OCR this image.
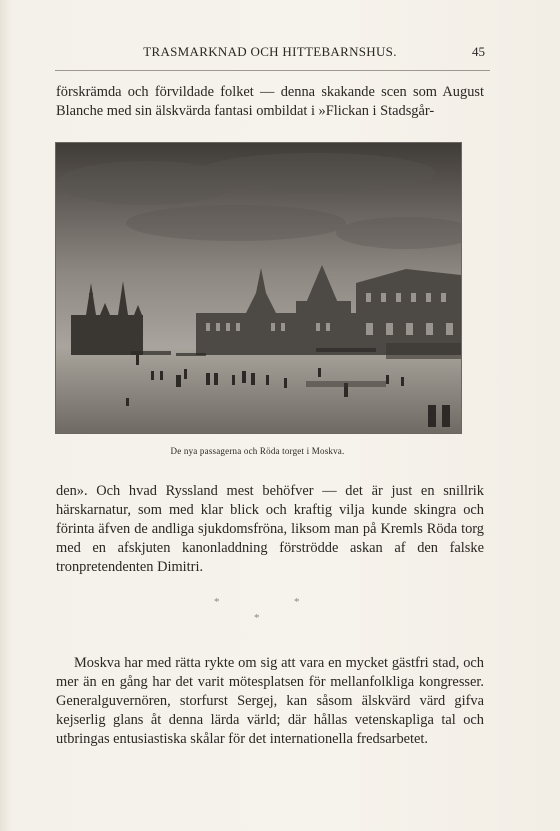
TRASMARKNAD OCH HITTEBARNSHUS.	45

förskrämda och förvildade folket — denna skakande scen som August Blanche med sin älskvärda fantasi ombildat i »Flickan i Stadsgår-

De nya passagerna och Röda torget i Moskva.

den». Och hvad Ryssland mest behöfver — det är just en snillrik härskarnatur, som med klar blick och kraftig vilja kunde skingra och förinta äfven de andliga sjukdomsfröna, liksom man på Kremls Röda torg med en afskjuten kanonladdning förströdde askan af den falske tronpretendenten Dimitri.

*	*
*

Moskva har med rätta rykte om sig att vara en mycket gästfri stad, och mer än en gång har det varit mötesplatsen för mellanfolkliga kongresser. Generalguvernören, storfurst Sergej, kan såsom älskvärd värd gifva kejserlig glans åt denna lärda värld; där hållas vetenskapliga tal och utbringas entusiastiska skålar för det internationella fredsarbetet.
